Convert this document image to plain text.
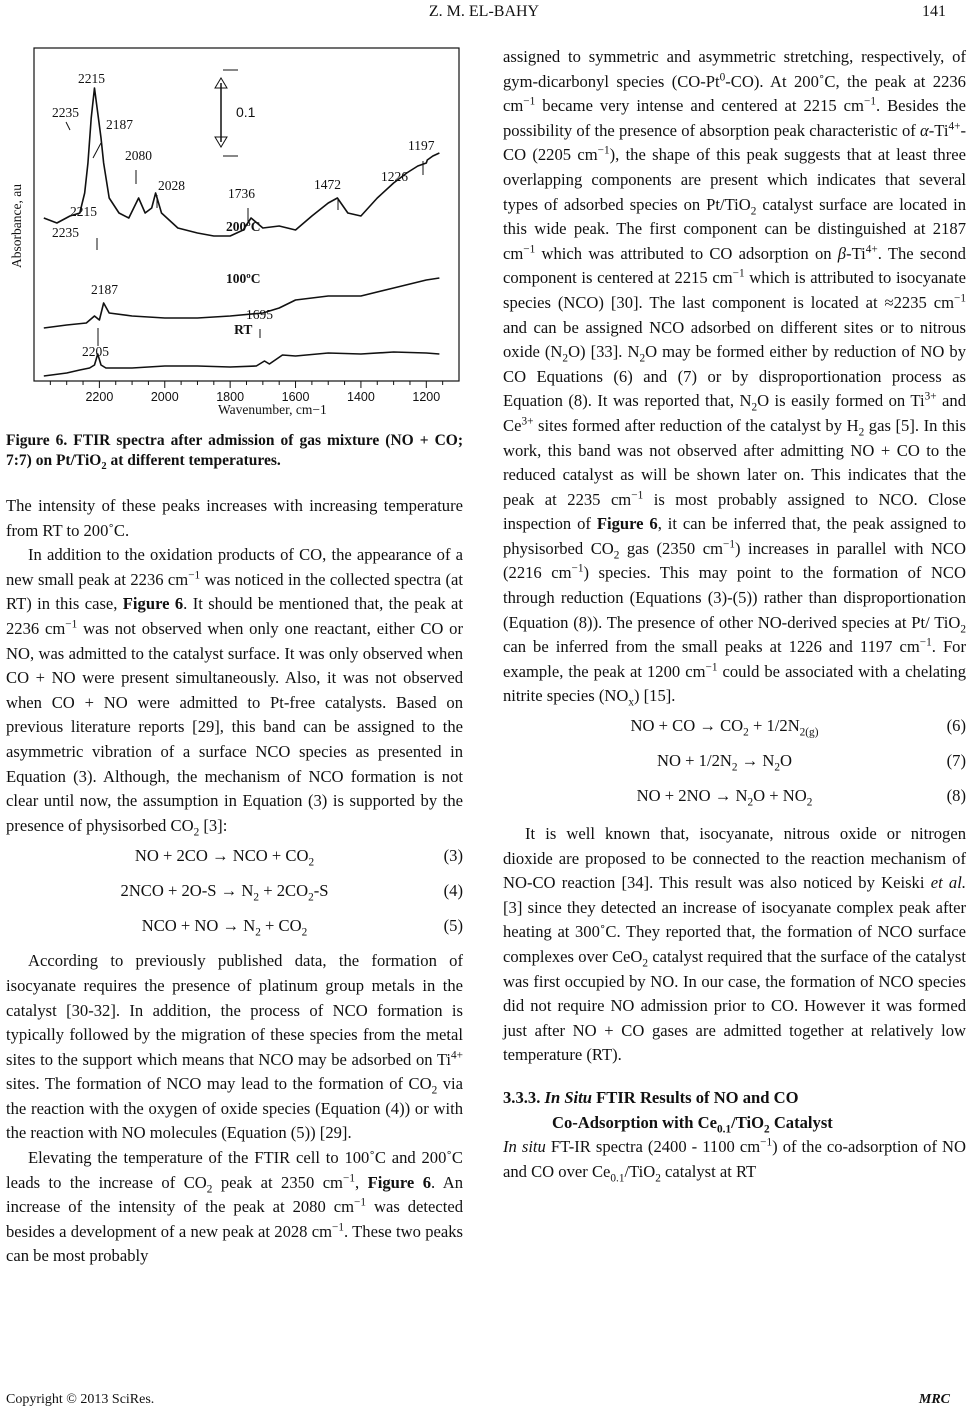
Z. M. EL-BAHY	141
2200	2000	1800	1600	1400	1200
RT
100ºC
200ºC
2215
2235
2187
2080
2028
1736
1472
1226
1197
2215
2235
2187
2205
1695
0.1
Absorbance, au
Wavenumber, cm−1
Figure 6. FTIR spectra after admission of gas mixture (NO + CO; 7:7) on Pt/TiO$_2$ at different temperatures.

The intensity of these peaks increases with increasing temperature from RT to 200˚C.

In addition to the oxidation products of CO, the appearance of a new small peak at 2236 $cm^{-1}$ was noticed in the collected spectra (at RT) in this case, Figure 6. It should be mentioned that, the peak at 2236 $cm^{-1}$ was not observed when only one reactant, either CO or NO, was admitted to the catalyst surface. It was only observed when CO + NO were present simultaneously. Also, it was not observed when CO + NO were admitted to Pt-free catalysts. Based on previous literature reports [29], this band can be assigned to the asymmetric vibration of a surface NCO species as presented in Equation (3). Although, the mechanism of NCO formation is not clear until now, the assumption in Equation (3) is supported by the presence of physisorbed $CO_2$ [3]:

NO + 2CO → NCO + $CO_2$	(3)
$2NCO + 2O-S \to N_2 + 2CO_2-S$	(4)
NCO + NO → $N_2 + CO_2$	(5)

According to previously published data, the formation of isocyanate requires the presence of platinum group metals in the catalyst [30-32]. In addition, the process of NCO formation is typically followed by the migration of these species from the metal sites to the support which means that NCO may be adsorbed on $Ti^{4+}$ sites. The formation of NCO may lead to the formation of $CO_2$ via the reaction with the oxygen of oxide species (Equation (4)) or with the reaction with NO molecules (Equation (5)) [29].

Elevating the temperature of the FTIR cell to 100˚C and 200˚C leads to the increase of $CO_2$ peak at 2350 $cm^{-1}$, Figure 6. An increase of the intensity of the peak at 2080 $cm^{-1}$ was detected besides a development of a new peak at 2028 $cm^{-1}$. These two peaks can be most probably

assigned to symmetric and asymmetric stretching, respectively, of gym-dicarbonyl species (CO-Pt$^0$-CO). At 200˚C, the peak at 2236 $cm^{-1}$ became very intense and centered at 2215 $cm^{-1}$. Besides the possibility of the presence of absorption peak characteristic of $\alpha-Ti^{4+}-CO$ (2205 $cm^{-1}$), the shape of this peak suggests that at least three overlapping components are present which indicates that several types of adsorbed species on Pt/TiO$_2$ catalyst surface are located in this wide peak. The first component can be distinguished at 2187 $cm^{-1}$ which was attributed to CO adsorption on $\beta-Ti^{4+}$. The second component is centered at 2215 $cm^{-1}$ which is attributed to isocyanate species (NCO) [30]. The last component is located at ≈2235 $cm^{-1}$ and can be assigned NCO adsorbed on different sites or to nitrous oxide $(N_2O)$ [33]. $N_2O$ may be formed either by reduction of NO by CO Equations (6) and (7) or by disproportionation process as Equation (8). It was reported that, $N_2O$ is easily formed on $Ti^{3+}$ and $Ce^{3+}$ sites formed after reduction of the catalyst by $H_2$ gas [5]. In this work, this band was not observed after admitting NO + CO to the reduced catalyst as will be shown later on. This indicates that the peak at 2235 $cm^{-1}$ is most probably assigned to NCO. Close inspection of Figure 6, it can be inferred that, the peak assigned to physisorbed $CO_2$ gas (2350 $cm^{-1}$) increases in parallel with NCO (2216 $cm^{-1}$) species. This may point to the formation of NCO through reduction (Equations (3)-(5)) rather than disproportionation (Equation (8)). The presence of other NO-derived species at Pt/ TiO$_2$ can be inferred from the small peaks at 1226 and 1197 $cm^{-1}$. For example, the peak at 1200 $cm^{-1}$ could be associated with a chelating nitrite species $(NO_x)$ [15].

NO + CO → $CO_2 + 1/2N_{2(g)}$	(6)
NO + $1/2N_2 \to N_2O$	(7)
NO + $2NO \to N_2O + NO_2$	(8)

It is well known that, isocyanate, nitrous oxide or nitrogen dioxide are proposed to be connected to the reaction mechanism of NO-CO reaction [34]. This result was also noticed by Keiski et al. [3] since they detected an increase of isocyanate complex peak after heating at 300˚C. They reported that, the formation of NCO surface complexes over CeO$_2$ catalyst required that the surface of the catalyst was first occupied by NO. In our case, the formation of NCO species did not require NO admission prior to CO. However it was formed just after NO + CO gases are admitted together at relatively low temperature (RT).

3.3.3. In Situ FTIR Results of NO and CO
Co-Adsorption with $Ce_{0.1}/TiO_2$ Catalyst

In situ FT-IR spectra (2400 - 1100 $cm^{-1}$) of the co-adsorption of NO and CO over $Ce_{0.1}/TiO_2$ catalyst at RT

Copyright © 2013 SciRes.	MRC
